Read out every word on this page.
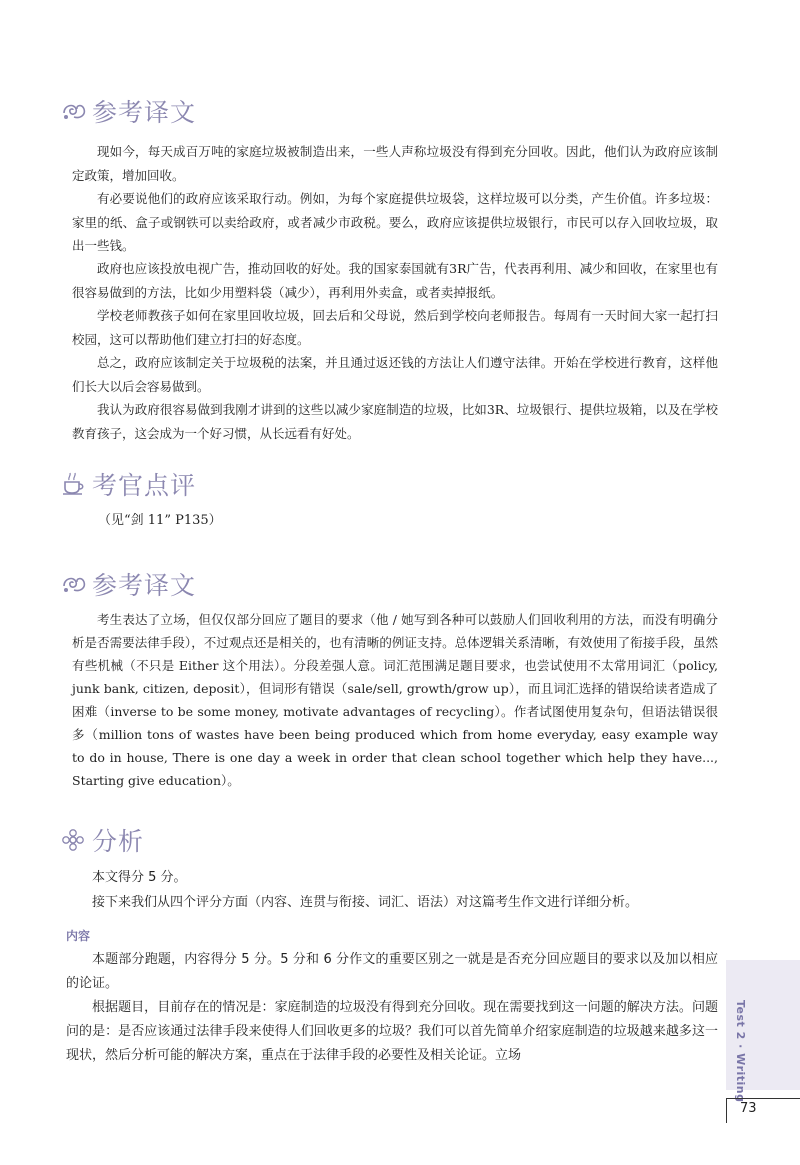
参考译文

现如今，每天成百万吨的家庭垃圾被制造出来，一些人声称垃圾没有得到充分回收。因此，他们认为政府应该制定政策，增加回收。

有必要说他们的政府应该采取行动。例如，为每个家庭提供垃圾袋，这样垃圾可以分类，产生价值。许多垃圾：家里的纸、盒子或钢铁可以卖给政府，或者减少市政税。要么，政府应该提供垃圾银行，市民可以存入回收垃圾，取出一些钱。

政府也应该投放电视广告，推动回收的好处。我的国家泰国就有3R广告，代表再利用、减少和回收，在家里也有很容易做到的方法，比如少用塑料袋（减少），再利用外卖盒，或者卖掉报纸。

学校老师教孩子如何在家里回收垃圾，回去后和父母说，然后到学校向老师报告。每周有一天时间大家一起打扫校园，这可以帮助他们建立打扫的好态度。

总之，政府应该制定关于垃圾税的法案，并且通过返还钱的方法让人们遵守法律。开始在学校进行教育，这样他们长大以后会容易做到。

我认为政府很容易做到我刚才讲到的这些以减少家庭制造的垃圾，比如3R、垃圾银行、提供垃圾箱，以及在学校教育孩子，这会成为一个好习惯，从长远看有好处。

考官点评
（见“剑 11” P135）
参考译文

考生表达了立场，但仅仅部分回应了题目的要求（他 / 她写到各种可以鼓励人们回收利用的方法，而没有明确分析是否需要法律手段），不过观点还是相关的，也有清晰的例证支持。总体逻辑关系清晰，有效使用了衔接手段，虽然有些机械（不只是 Either 这个用法）。分段差强人意。词汇范围满足题目要求，也尝试使用不太常用词汇（policy, junk bank, citizen, deposit），但词形有错误（sale/sell, growth/grow up），而且词汇选择的错误给读者造成了困难（inverse to be some money, motivate advantages of recycling）。作者试图使用复杂句，但语法错误很多（million tons of wastes have been being produced which from home everyday, easy example way to do in house, There is one day a week in order that clean school together which help they have..., Starting give education）。

分析

本文得分 5 分。

接下来我们从四个评分方面（内容、连贯与衔接、词汇、语法）对这篇考生作文进行详细分析。

内容

本题部分跑题，内容得分 5 分。5 分和 6 分作文的重要区别之一就是是否充分回应题目的要求以及加以相应的论证。

根据题目，目前存在的情况是：家庭制造的垃圾没有得到充分回收。现在需要找到这一问题的解决方法。问题问的是：是否应该通过法律手段来使得人们回收更多的垃圾？我们可以首先简单介绍家庭制造的垃圾越来越多这一现状，然后分析可能的解决方案，重点在于法律手段的必要性及相关论证。立场	Test 2 · Writing
73
